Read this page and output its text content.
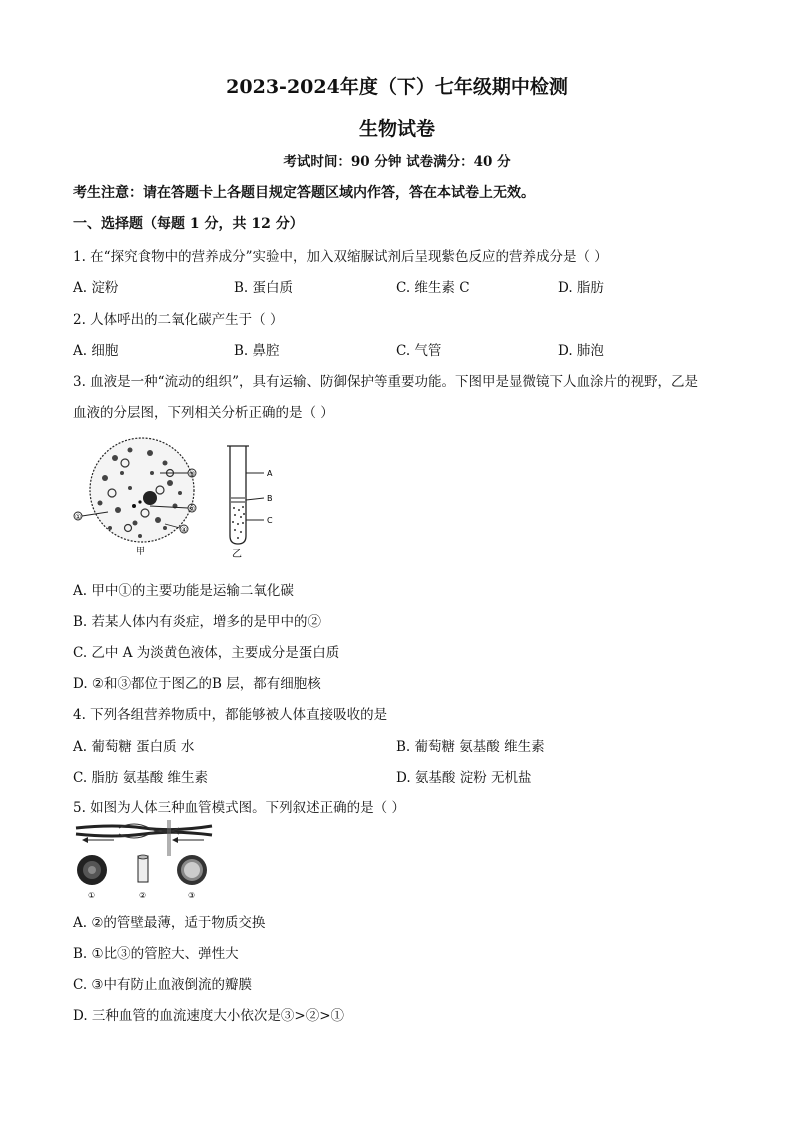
2023-2024年度（下）七年级期中检测
生物试卷
考试时间：90 分钟 试卷满分：40 分
考生注意：请在答题卡上各题目规定答题区域内作答，答在本试卷上无效。
一、选择题（每题 1 分，共 12 分）
1. 在“探究食物中的营养成分”实验中，加入双缩脲试剂后呈现紫色反应的营养成分是（ ）
A. 淀粉	B. 蛋白质	C. 维生素 C	D. 脂肪
2. 人体呼出的二氧化碳产生于（ ）
A. 细胞	B. 鼻腔	C. 气管	D. 肺泡
3. 血液是一种“流动的组织”，具有运输、防御保护等重要功能。下图甲是显微镜下人血涂片的视野，乙是
血液的分层图，下列相关分析正确的是（ ）
③
②
④
①
甲
A
B
C
乙
A. 甲中①的主要功能是运输二氧化碳
B. 若某人体内有炎症，增多的是甲中的②
C. 乙中 A 为淡黄色液体，主要成分是蛋白质
D. ②和③都位于图乙的B 层，都有细胞核
4. 下列各组营养物质中，都能够被人体直接吸收的是
A. 葡萄糖 蛋白质 水	B. 葡萄糖 氨基酸 维生素
C. 脂肪 氨基酸 维生素	D. 氨基酸 淀粉 无机盐
5. 如图为人体三种血管模式图。下列叙述正确的是（ ）
①	②	③
A. ②的管壁最薄，适于物质交换
B. ①比③的管腔大、弹性大
C. ③中有防止血液倒流的瓣膜
D. 三种血管的血流速度大小依次是③>②>①
